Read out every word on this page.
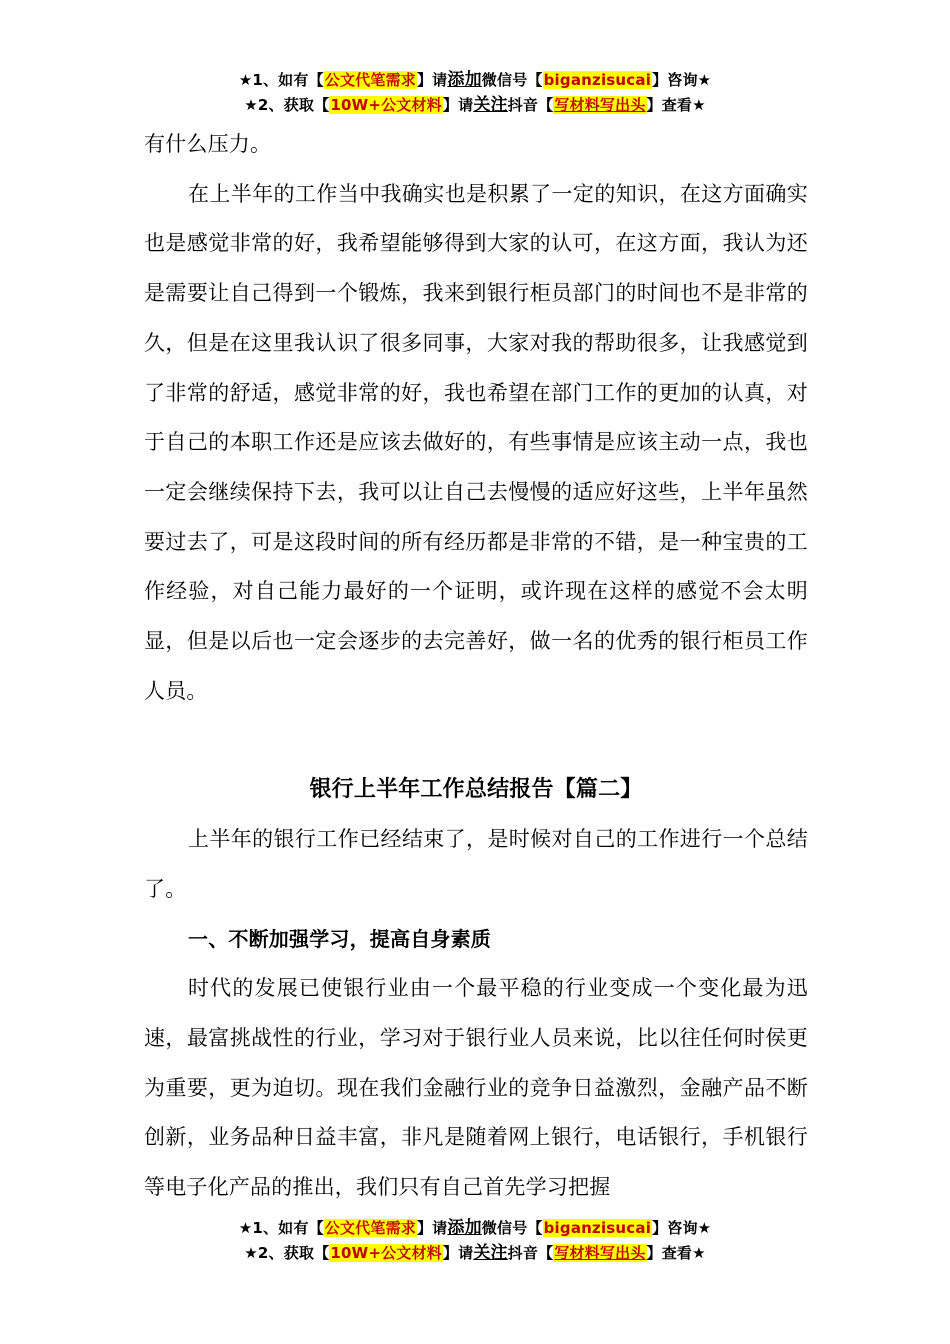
★1、如有【公文代笔需求】请添加微信号【biganzisucai】咨询★
★2、获取【10W+公文材料】请关注抖音【写材料写出头】查看★

有什么压力。

在上半年的工作当中我确实也是积累了一定的知识，在这方面确实也是感觉非常的好，我希望能够得到大家的认可，在这方面，我认为还是需要让自己得到一个锻炼，我来到银行柜员部门的时间也不是非常的久，但是在这里我认识了很多同事，大家对我的帮助很多，让我感觉到了非常的舒适，感觉非常的好，我也希望在部门工作的更加的认真，对于自己的本职工作还是应该去做好的，有些事情是应该主动一点，我也一定会继续保持下去，我可以让自己去慢慢的适应好这些，上半年虽然要过去了，可是这段时间的所有经历都是非常的不错，是一种宝贵的工作经验，对自己能力最好的一个证明，或许现在这样的感觉不会太明显，但是以后也一定会逐步的去完善好，做一名的优秀的银行柜员工作人员。

银行上半年工作总结报告【篇二】

上半年的银行工作已经结束了，是时候对自己的工作进行一个总结了。

一、不断加强学习，提高自身素质

时代的发展已使银行业由一个最平稳的行业变成一个变化最为迅速，最富挑战性的行业，学习对于银行业人员来说，比以往任何时侯更为重要，更为迫切。现在我们金融行业的竞争日益激烈，金融产品不断创新，业务品种日益丰富，非凡是随着网上银行，电话银行，手机银行等电子化产品的推出，我们只有自己首先学习把握

★1、如有【公文代笔需求】请添加微信号【biganzisucai】咨询★
★2、获取【10W+公文材料】请关注抖音【写材料写出头】查看★
